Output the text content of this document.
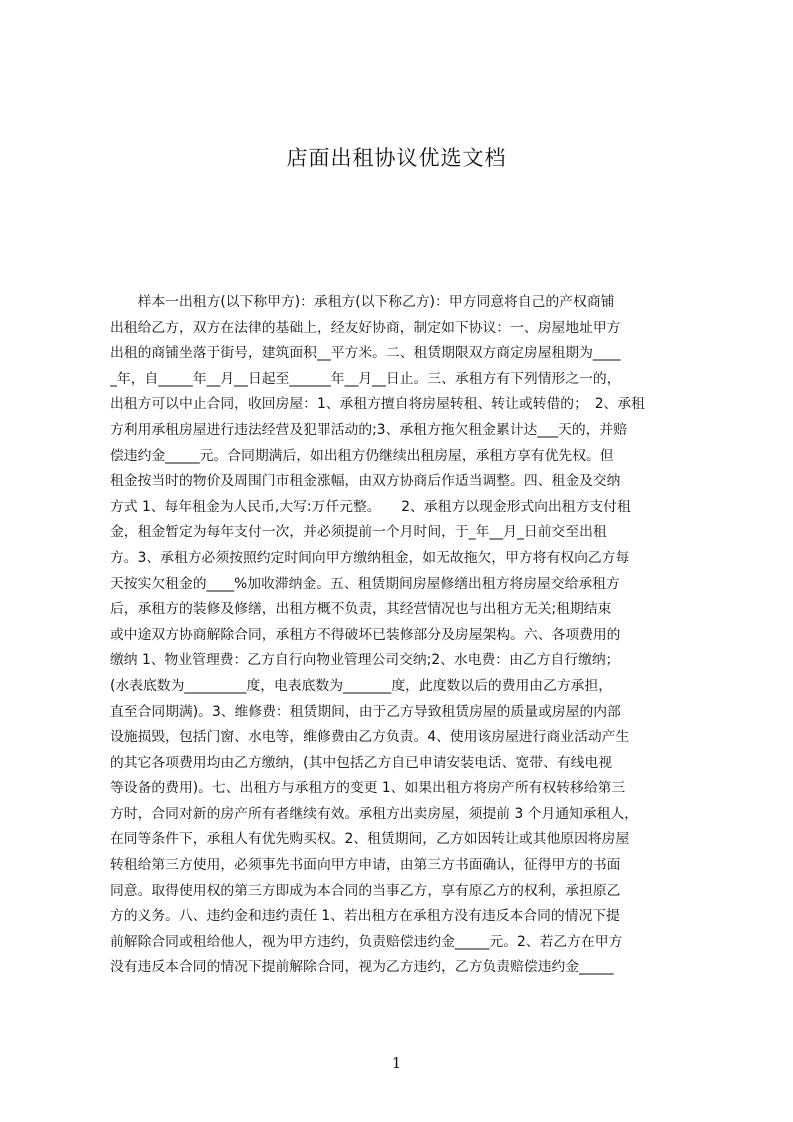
店面出租协议优选文档
　　样本一出租方(以下称甲方)：承租方(以下称乙方)：甲方同意将自己的产权商铺
出租给乙方，双方在法律的基础上，经友好协商，制定如下协议：一、房屋地址甲方
出租的商铺坐落于街号，建筑面积__平方米。二、租赁期限双方商定房屋租期为____
_年，自_____年__月__日起至______年__月__日止。三、承租方有下列情形之一的，
出租方可以中止合同，收回房屋：1、承租方擅自将房屋转租、转让或转借的；　2、承租
方利用承租房屋进行违法经营及犯罪活动的;3、承租方拖欠租金累计达___天的，并赔
偿违约金_____元。合同期满后，如出租方仍继续出租房屋，承租方享有优先权。但
租金按当时的物价及周围门市租金涨幅，由双方协商后作适当调整。四、租金及交纳
方式 1、每年租金为人民币,大写:万仟元整。　　2、承租方以现金形式向出租方支付租
金，租金暂定为每年支付一次，并必须提前一个月时间，于_年__月_日前交至出租
方。3、承租方必须按照约定时间向甲方缴纳租金，如无故拖欠，甲方将有权向乙方每
天按实欠租金的____%加收滞纳金。五、租赁期间房屋修缮出租方将房屋交给承租方
后，承租方的装修及修缮，出租方概不负责，其经营情况也与出租方无关;租期结束
或中途双方协商解除合同，承租方不得破坏已装修部分及房屋架构。六、各项费用的
缴纳 1、物业管理费：乙方自行向物业管理公司交纳;2、水电费：由乙方自行缴纳；
(水表底数为_________度，电表底数为_______度，此度数以后的费用由乙方承担，
直至合同期满)。3、维修费：租赁期间，由于乙方导致租赁房屋的质量或房屋的内部
设施损毁，包括门窗、水电等，维修费由乙方负责。4、使用该房屋进行商业活动产生
的其它各项费用均由乙方缴纳，(其中包括乙方自已申请安装电话、宽带、有线电视
等设备的费用)。七、出租方与承租方的变更 1、如果出租方将房产所有权转移给第三
方时，合同对新的房产所有者继续有效。承租方出卖房屋，须提前 3 个月通知承租人，
在同等条件下，承租人有优先购买权。2、租赁期间，乙方如因转让或其他原因将房屋
转租给第三方使用，必须事先书面向甲方申请，由第三方书面确认，征得甲方的书面
同意。取得使用权的第三方即成为本合同的当事乙方，享有原乙方的权利，承担原乙
方的义务。八、违约金和违约责任 1、若出租方在承租方没有违反本合同的情况下提
前解除合同或租给他人，视为甲方违约，负责赔偿违约金_____元。2、若乙方在甲方
没有违反本合同的情况下提前解除合同，视为乙方违约，乙方负责赔偿违约金_____
1
